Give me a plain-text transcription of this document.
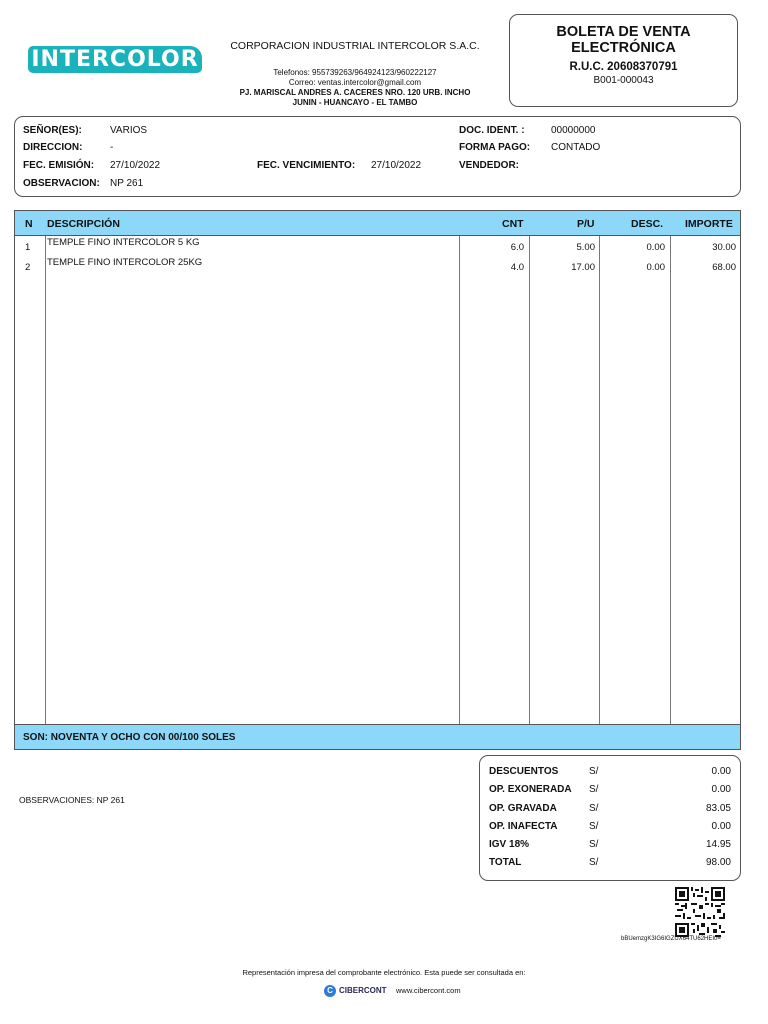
INTERCOLOR
CORPORACION INDUSTRIAL INTERCOLOR S.A.C.
Telefonos: 955739263/964924123/960222127
Correo: ventas.intercolor@gmail.com
PJ. MARISCAL ANDRES A. CACERES NRO. 120 URB. INCHO
JUNIN - HUANCAYO - EL TAMBO
BOLETA DE VENTA
ELECTRÓNICA
R.U.C. 20608370791
B001-000043
SEÑOR(ES):	VARIOS
DIRECCION:	-
FEC. EMISIÓN: 27/10/2022	FEC. VENCIMIENTO: 27/10/2022
OBSERVACION: NP 261
DOC. IDENT. :	00000000
FORMA PAGO: CONTADO
VENDEDOR:
N DESCRIPCIÓN	CNT	P/U	DESC. IMPORTE
1 TEMPLE FINO INTERCOLOR 5 KG	6.0	5.00	0.00	30.00
2 TEMPLE FINO INTERCOLOR 25KG	4.0	17.00	0.00	68.00
SON: NOVENTA Y OCHO CON 00/100 SOLES
OBSERVACIONES: NP 261
DESCUENTOS	S/	0.00
OP. EXONERADA S/	0.00
OP. GRAVADA	S/	83.05
OP. INAFECTA	S/	0.00
IGV 18%	S/	14.95
TOTAL	S/	98.00
bBUemzgK3IG6IGZUX64TU62HEI0=
Representación impresa del comprobante electrónico. Esta puede ser consultada en:
C CIBERCONT www.cibercont.com
